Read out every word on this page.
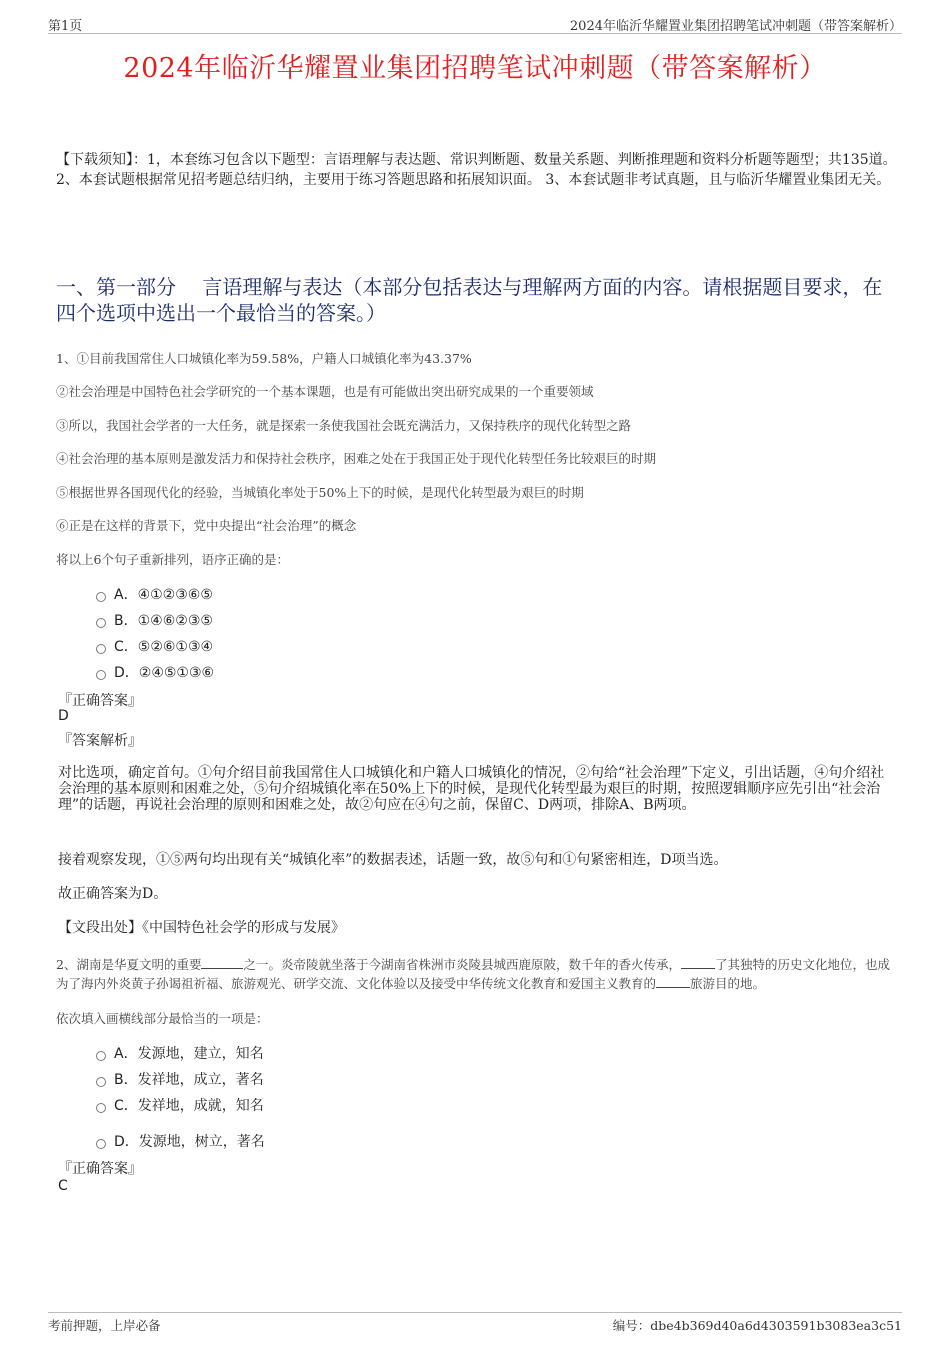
第1页	2024年临沂华耀置业集团招聘笔试冲刺题（带答案解析）
2024年临沂华耀置业集团招聘笔试冲刺题（带答案解析）
【下载须知】：1，本套练习包含以下题型：言语理解与表达题、常识判断题、数量关系题、判断推理题和资料分析题等题型；共135道。 2、本套试题根据常见招考题总结归纳，主要用于练习答题思路和拓展知识面。 3、本套试题非考试真题，且与临沂华耀置业集团无关。
一、第一部分　 言语理解与表达（本部分包括表达与理解两方面的内容。请根据题目要求，在四个选项中选出一个最恰当的答案。）
1、①目前我国常住人口城镇化率为59.58%，户籍人口城镇化率为43.37%
②社会治理是中国特色社会学研究的一个基本课题，也是有可能做出突出研究成果的一个重要领域
③所以，我国社会学者的一大任务，就是探索一条使我国社会既充满活力，又保持秩序的现代化转型之路
④社会治理的基本原则是激发活力和保持社会秩序，困难之处在于我国正处于现代化转型任务比较艰巨的时期
⑤根据世界各国现代化的经验，当城镇化率处于50%上下的时候，是现代化转型最为艰巨的时期
⑥正是在这样的背景下，党中央提出“社会治理”的概念
将以上6个句子重新排列，语序正确的是：
A．④①②③⑥⑤
B．①④⑥②③⑤
C．⑤②⑥①③④
D．②④⑤①③⑥
『正确答案』
D
『答案解析』
对比选项，确定首句。①句介绍目前我国常住人口城镇化和户籍人口城镇化的情况，②句给“社会治理”下定义，引出话题，④句介绍社会治理的基本原则和困难之处，⑤句介绍城镇化率在50%上下的时候，是现代化转型最为艰巨的时期，按照逻辑顺序应先引出“社会治理”的话题，再说社会治理的原则和困难之处，故②句应在④句之前，保留C、D两项，排除A、B两项。
接着观察发现，①⑤两句均出现有关“城镇化率”的数据表述，话题一致，故⑤句和①句紧密相连，D项当选。
故正确答案为D。
【文段出处】《中国特色社会学的形成与发展》
2、湖南是华夏文明的重要	之一。炎帝陵就坐落于今湖南省株洲市炎陵县城西鹿原陂，数千年的香火传承，	了其独特的历史文化地位，也成为了海内外炎黄子孙谒祖祈福、旅游观光、研学交流、文化体验以及接受中华传统文化教育和爱国主义教育的	旅游目的地。
依次填入画横线部分最恰当的一项是：
A．发源地，建立，知名
B．发祥地，成立，著名
C．发祥地，成就，知名
D．发源地，树立，著名
『正确答案』
C
考前押题，上岸必备	编号：dbe4b369d40a6d4303591b3083ea3c51
